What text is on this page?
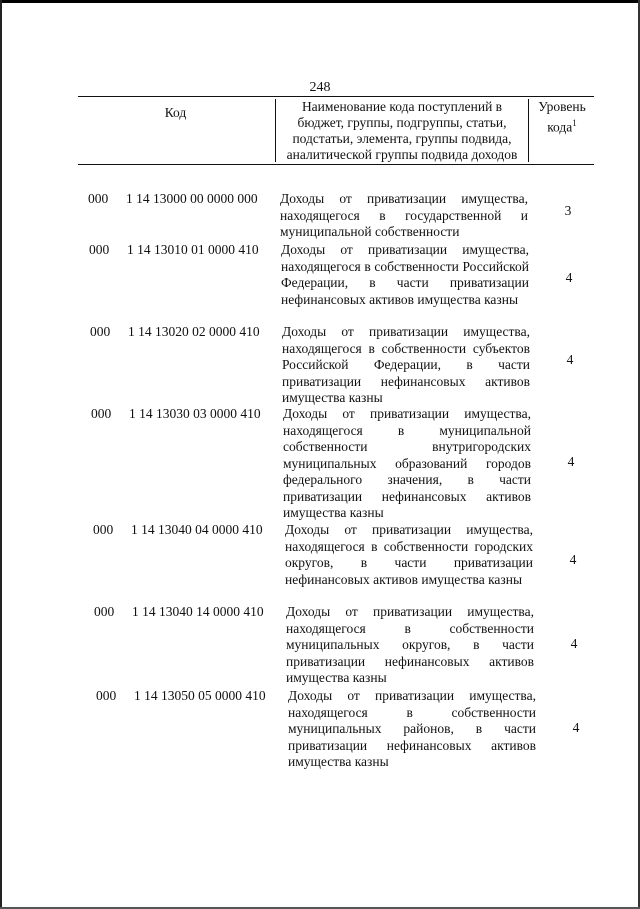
248
Код	Наименование кода поступлений в бюджет, группы, подгруппы, статьи, подстатьи, элемента, группы подвида, аналитической группы подвида доходов
Уровень кода$^1$
000 1 14 13000 00 0000 000 Доходы от приватизации имущества, находящегося в государственной и муниципальной собственности
3
000 1 14 13010 01 0000 410 Доходы от приватизации имущества, находящегося в собственности Российской Федерации, в части приватизации нефинансовых активов имущества казны
4
000 1 14 13020 02 0000 410 Доходы от приватизации имущества, находящегося в собственности субъектов Российской Федерации, в части приватизации нефинансовых активов имущества казны
4
000 1 14 13030 03 0000 410 Доходы от приватизации имущества, находящегося в муниципальной собственности внутригородских муниципальных образований городов федерального значения, в части приватизации нефинансовых активов имущества казны
4
000 1 14 13040 04 0000 410 Доходы от приватизации имущества, находящегося в собственности городских округов, в части приватизации нефинансовых активов имущества казны
4
000 1 14 13040 14 0000 410 Доходы от приватизации имущества, находящегося в собственности муниципальных округов, в части приватизации нефинансовых активов имущества казны
4
000 1 14 13050 05 0000 410 Доходы от приватизации имущества, находящегося в собственности муниципальных районов, в части приватизации нефинансовых активов имущества казны
4
